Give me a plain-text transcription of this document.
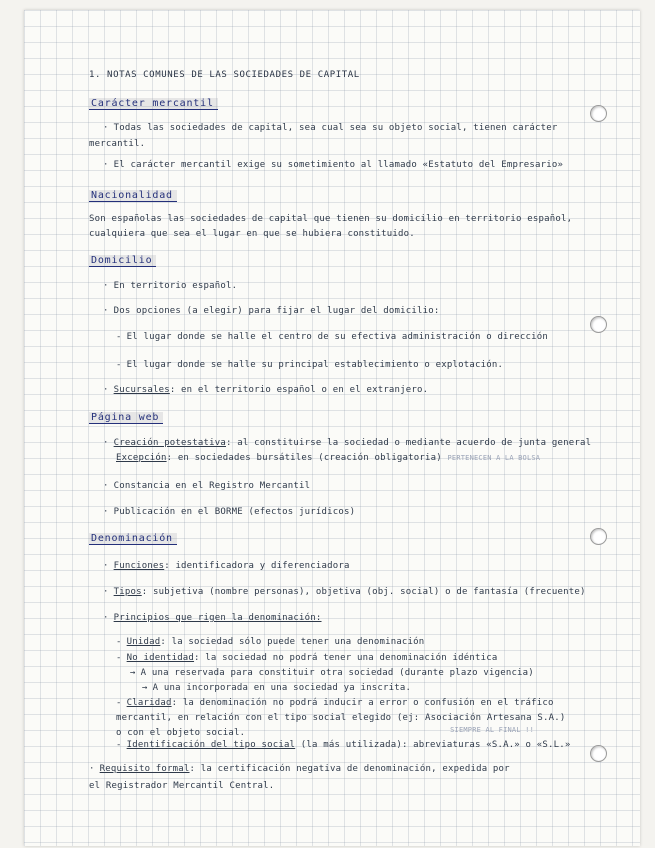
1. NOTAS COMUNES DE LAS SOCIEDADES DE CAPITAL
Carácter mercantil
· Todas las sociedades de capital, sea cual sea su objeto social, tienen carácter
mercantil.
· El carácter mercantil exige su sometimiento al llamado «Estatuto del Empresario»
Nacionalidad
Son españolas las sociedades de capital que tienen su domicilio en territorio español,
cualquiera que sea el lugar en que se hubiera constituido.
Domicilio
· En territorio español.
· Dos opciones (a elegir) para fijar el lugar del domicilio:
- El lugar donde se halle el centro de su efectiva administración o dirección
- El lugar donde se halle su principal establecimiento o explotación.
· Sucursales: en el territorio español o en el extranjero.
Página web
· Creación potestativa: al constituirse la sociedad o mediante acuerdo de junta general
Excepción: en sociedades bursátiles (creación obligatoria) PERTENECEN A LA BOLSA
· Constancia en el Registro Mercantil
· Publicación en el BORME (efectos jurídicos)
Denominación
· Funciones: identificadora y diferenciadora
· Tipos: subjetiva (nombre personas), objetiva (obj. social) o de fantasía (frecuente)
· Principios que rigen la denominación:
- Unidad: la sociedad sólo puede tener una denominación
- No identidad: la sociedad no podrá tener una denominación idéntica
→ A una reservada para constituir otra sociedad (durante plazo vigencia)
→ A una incorporada en una sociedad ya inscrita.
- Claridad: la denominación no podrá inducir a error o confusión en el tráfico
mercantil, en relación con el tipo social elegido (ej: Asociación Artesana S.A.)
o con el objeto social.	SIEMPRE AL FINAL !!
- Identificación del tipo social (la más utilizada): abreviaturas «S.A.» o «S.L.»
· Requisito formal: la certificación negativa de denominación, expedida por
el Registrador Mercantil Central.
